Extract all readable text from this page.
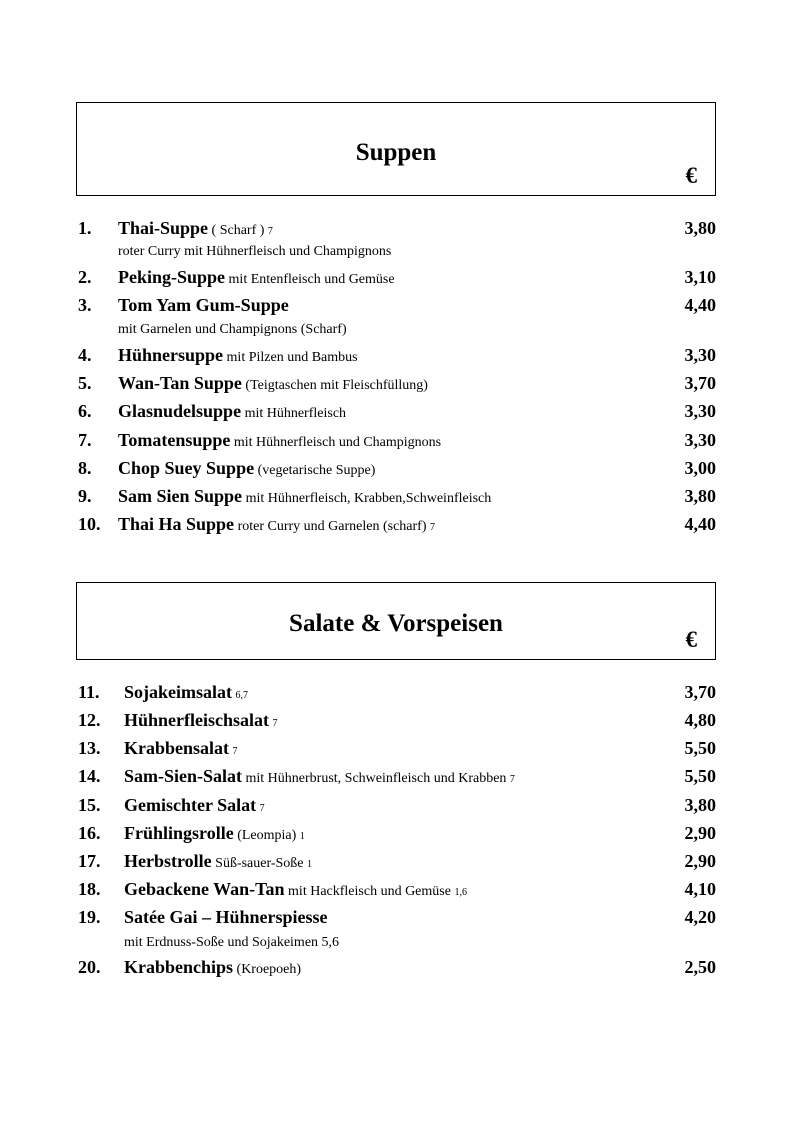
Suppen
€
1. Thai-Suppe ( Scharf ) 7	3,80
roter Curry mit Hühnerfleisch und Champignons
2. Peking-Suppe mit Entenfleisch und Gemüse	3,10
3. Tom Yam Gum-Suppe	4,40
mit Garnelen und Champignons (Scharf)
4. Hühnersuppe mit Pilzen und Bambus	3,30
5. Wan-Tan Suppe (Teigtaschen mit Fleischfüllung)	3,70
6. Glasnudelsuppe mit Hühnerfleisch	3,30
7. Tomatensuppe mit Hühnerfleisch und Champignons	3,30
8. Chop Suey Suppe (vegetarische Suppe)	3,00
9. Sam Sien Suppe mit Hühnerfleisch, Krabben,Schweinfleisch	3,80
10. Thai Ha Suppe roter Curry und Garnelen (scharf) 7	4,40
Salate & Vorspeisen
€
11. Sojakeimsalat 6,7	3,70
12. Hühnerfleischsalat 7	4,80
13. Krabbensalat 7	5,50
14. Sam-Sien-Salat mit Hühnerbrust, Schweinfleisch und Krabben 7	5,50
15. Gemischter Salat 7	3,80
16. Frühlingsrolle (Leompia) 1	2,90
17. Herbstrolle Süß-sauer-Soße 1	2,90
18. Gebackene Wan-Tan mit Hackfleisch und Gemüse 1,6	4,10
19. Satée Gai – Hühnerspiesse	4,20
mit Erdnuss-Soße und Sojakeimen 5,6
20. Krabbenchips (Kroepoeh)	2,50
